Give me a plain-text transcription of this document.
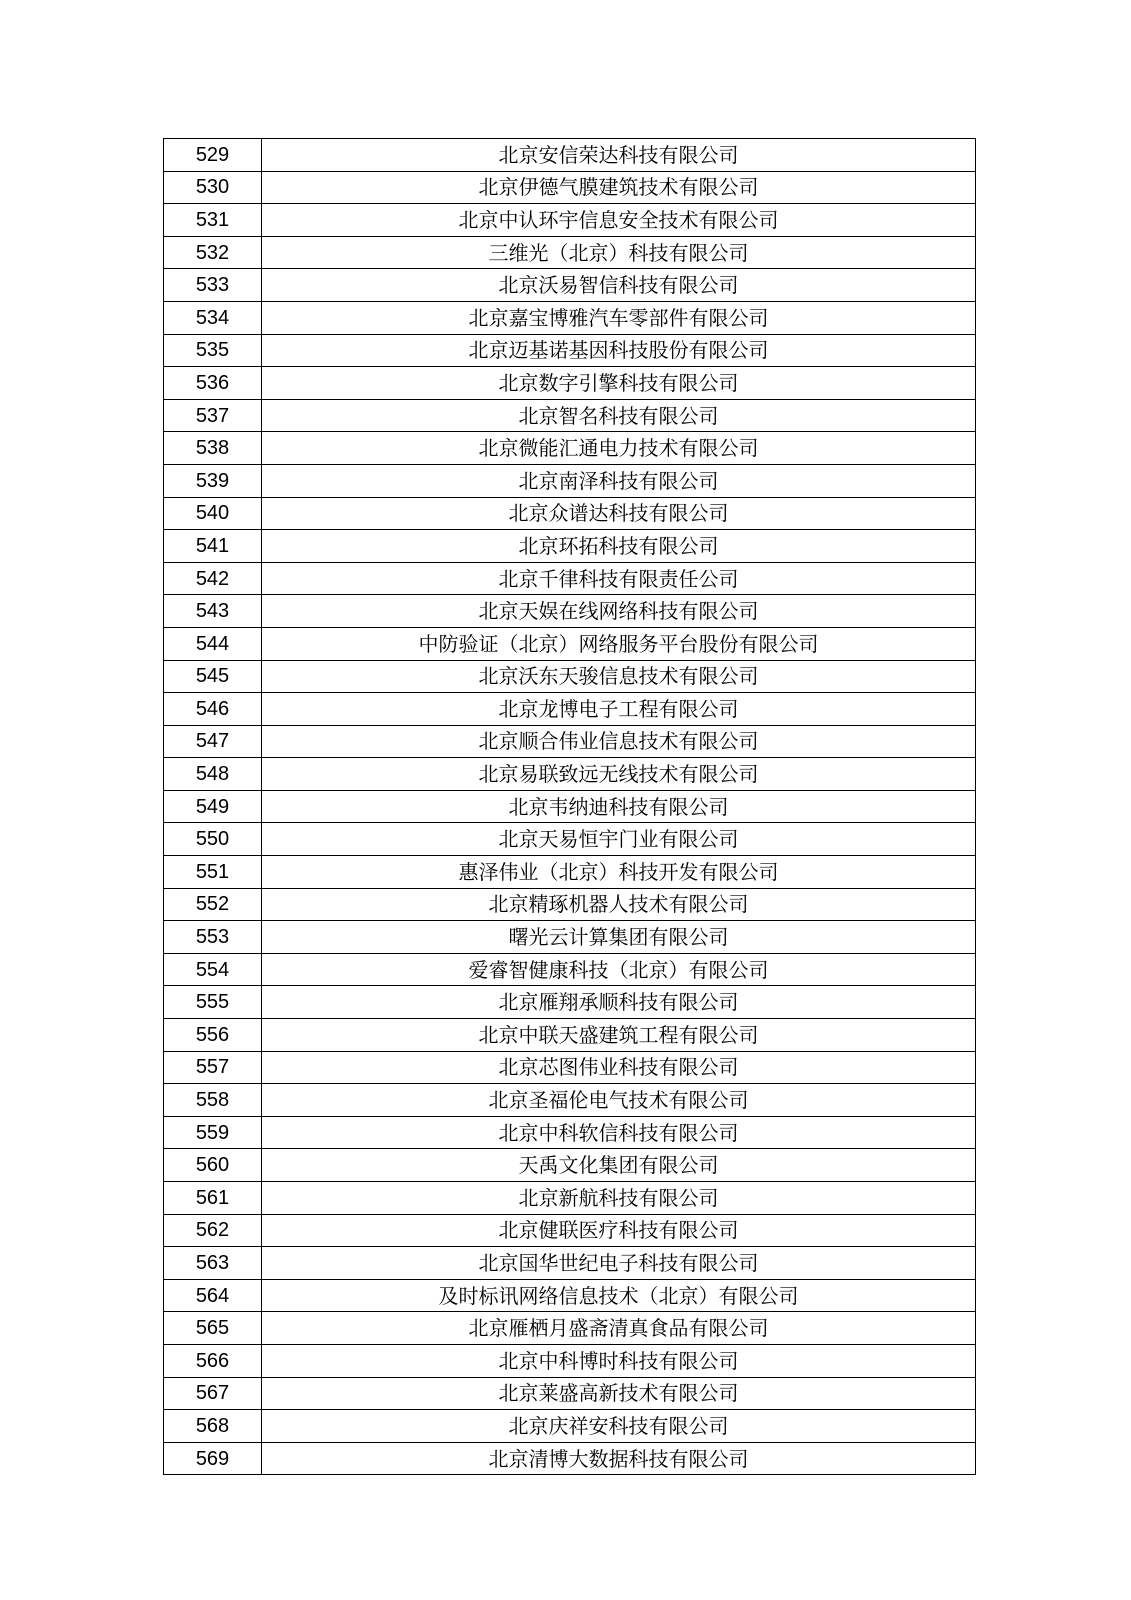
529	北京安信荣达科技有限公司
530	北京伊德气膜建筑技术有限公司
531	北京中认环宇信息安全技术有限公司
532	三维光（北京）科技有限公司
533	北京沃易智信科技有限公司
534	北京嘉宝博雅汽车零部件有限公司
535	北京迈基诺基因科技股份有限公司
536	北京数字引擎科技有限公司
537	北京智名科技有限公司
538	北京微能汇通电力技术有限公司
539	北京南泽科技有限公司
540	北京众谱达科技有限公司
541	北京环拓科技有限公司
542	北京千律科技有限责任公司
543	北京天娱在线网络科技有限公司
544	中防验证（北京）网络服务平台股份有限公司
545	北京沃东天骏信息技术有限公司
546	北京龙博电子工程有限公司
547	北京顺合伟业信息技术有限公司
548	北京易联致远无线技术有限公司
549	北京韦纳迪科技有限公司
550	北京天易恒宇门业有限公司
551	惠泽伟业（北京）科技开发有限公司
552	北京精琢机器人技术有限公司
553	曙光云计算集团有限公司
554	爱睿智健康科技（北京）有限公司
555	北京雁翔承顺科技有限公司
556	北京中联天盛建筑工程有限公司
557	北京芯图伟业科技有限公司
558	北京圣福伦电气技术有限公司
559	北京中科软信科技有限公司
560	天禹文化集团有限公司
561	北京新航科技有限公司
562	北京健联医疗科技有限公司
563	北京国华世纪电子科技有限公司
564	及时标讯网络信息技术（北京）有限公司
565	北京雁栖月盛斋清真食品有限公司
566	北京中科博时科技有限公司
567	北京莱盛高新技术有限公司
568	北京庆祥安科技有限公司
569	北京清博大数据科技有限公司
